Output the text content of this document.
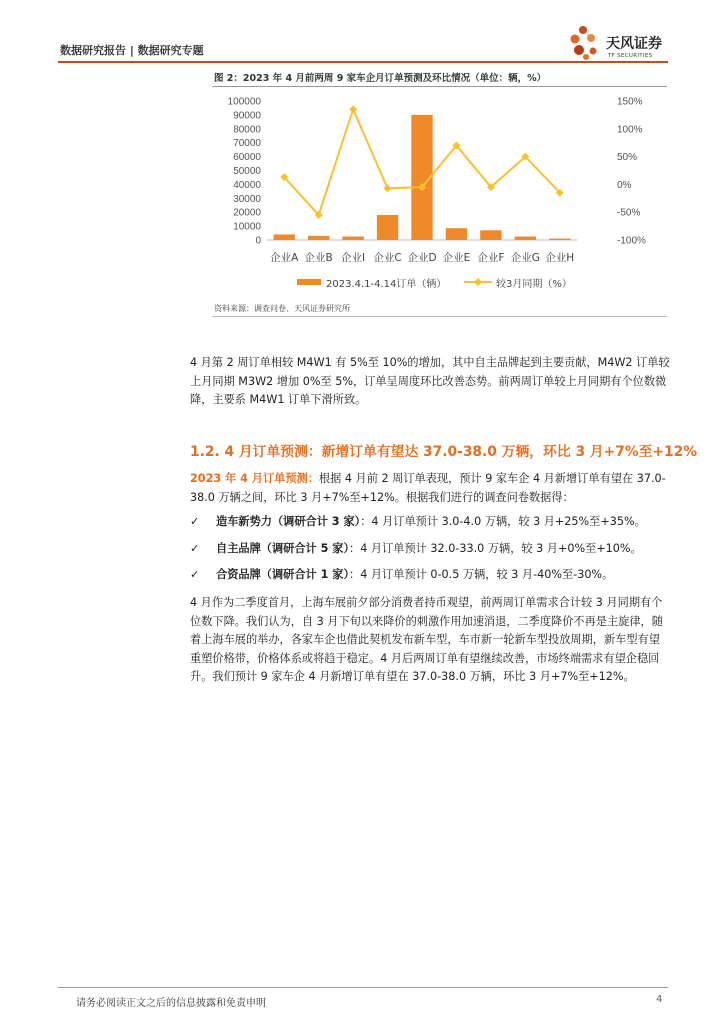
数据研究报告 | 数据研究专题	天风证券
TF SECURITIES
图 2：2023 年 4 月前两周 9 家车企月订单预测及环比情况（单位：辆，%）
0
10000
20000
30000
40000
50000
60000
70000
80000
90000
100000
-100%
-50%
0%
50%
100%
150%
企业A 企业B 企业I 企业C 企业D 企业E 企业F 企业G 企业H
2023.4.1-4.14订单（辆）	较3月同期（%）
资料来源：调查问卷、天风证券研究所
4 月第 2 周订单相较 M4W1 有 5%至 10%的增加，其中自主品牌起到主要贡献，M4W2 订单较上月同期 M3W2 增加 0%至 5%，订单呈周度环比改善态势。前两周订单较上月同期有个位数微降，主要系 M4W1 订单下滑所致。
1.2. 4 月订单预测：新增订单有望达 37.0-38.0 万辆，环比 3 月+7%至+12%
2023 年 4 月订单预测：根据 4 月前 2 周订单表现，预计 9 家车企 4 月新增订单有望在 37.0-38.0 万辆之间，环比 3 月+7%至+12%。根据我们进行的调查问卷数据得：
✓ 造车新势力（调研合计 3 家）：4 月订单预计 3.0-4.0 万辆，较 3 月+25%至+35%。
✓ 自主品牌（调研合计 5 家）：4 月订单预计 32.0-33.0 万辆，较 3 月+0%至+10%。
✓ 合资品牌（调研合计 1 家）：4 月订单预计 0-0.5 万辆，较 3 月-40%至-30%。
4 月作为二季度首月，上海车展前夕部分消费者持币观望，前两周订单需求合计较 3 月同期有个位数下降。我们认为，自 3 月下旬以来降价的刺激作用加速消退，二季度降价不再是主旋律，随着上海车展的举办，各家车企也借此契机发布新车型，车市新一轮新车型投放周期，新车型有望重塑价格带，价格体系或将趋于稳定。4 月后两周订单有望继续改善，市场终端需求有望企稳回升。我们预计 9 家车企 4 月新增订单有望在 37.0-38.0 万辆，环比 3 月+7%至+12%。
请务必阅读正文之后的信息披露和免责申明	4
